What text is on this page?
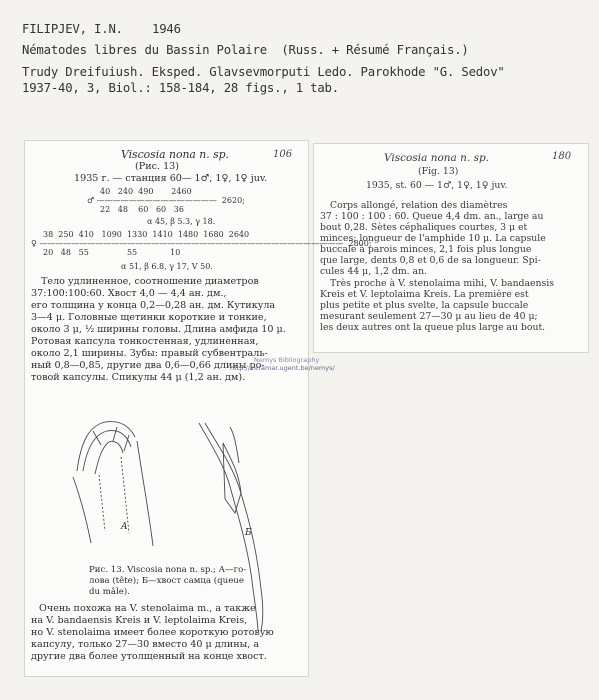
FILIPJEV, I.N. 1946

Nématodes libres du Bassin Polaire  (Russ. + Résumé Français.)

Trudy Dreifuiush. Eksped. Glavsevmorputi Ledo. Parokhode "G. Sedov"

1937-40, 3, Biol.: 158-184, 28 figs., 1 tab.

Viscosia nona n. sp.	180
(Fig. 13)
1935, st. 60 — 1♂, 1♀, 1♀ juv.
Corps allongé, relation des diamètres
37 : 100 : 100 : 60. Queue 4,4 dm. an., large au
bout 0,28. Sètes céphaliques courtes, 3 μ et
minces; longueur de l'amphide 10 μ. La capsule
buccale à parois minces, 2,1 fois plus longue
que large, dents 0,8 et 0,6 de sa longueur. Spi-
cules 44 μ, 1,2 dm. an.
Très proche à V. stenolaima mihi, V. bandaensis
Kreis et V. leptolaima Kreis. La première est
plus petite et plus svelte, la capsule buccale
mesurant seulement 27—30 μ au lieu de 40 μ;
les deux autres ont la queue plus large au bout.
Viscosia nona n. sp.	106
(Рис. 13)
1935 г. — станция 60— 1♂, 1♀, 1♀ juv.
40   240  490       2460
♂ ———————————————  2620;
22   48    60   60   36
α 45, β 5.3, γ 18.
38  250  410   1090  1330  1410  1480  1680  2640
♀ ——————————————————————————————————————  2800;
20   48   55               55             10
α 51, β 6.8, γ 17, V 50.
Тело удлиненное, соотношение диаметров
37:100:100:60. Хвост 4,0 — 4,4 ан. дм.,
его толщина у конца 0,2—0,28 ан. дм. Кутикула
3—4 μ. Головные щетинки короткие и тонкие,
около 3 μ, ½ ширины головы. Длина амфида 10 μ.
Ротовая капсула тонкостенная, удлиненная,
около 2,1 ширины. Зубы: правый субвентраль-
ный 0,8—0,85, другие два 0,6—0,66 длины ро-
товой капсулы. Спикулы 44 μ (1,2 ан. дм).
A
Б
Рис. 13. Viscosia nona n. sp.; A—го-
лова (tête); Б—хвост самца (queue
du mâle).
Очень похожа на V. stenolaima m., а также
на V. bandaensis Kreis и V. leptolaima Kreis,
но V. stenolaima имеет более короткую ротовую
капсулу, только 27—30 вместо 40 μ длины, а
другие два более утолщенный на конце хвост.
http://intramar.ugent.be/nemys/
Nemys Bibliography
